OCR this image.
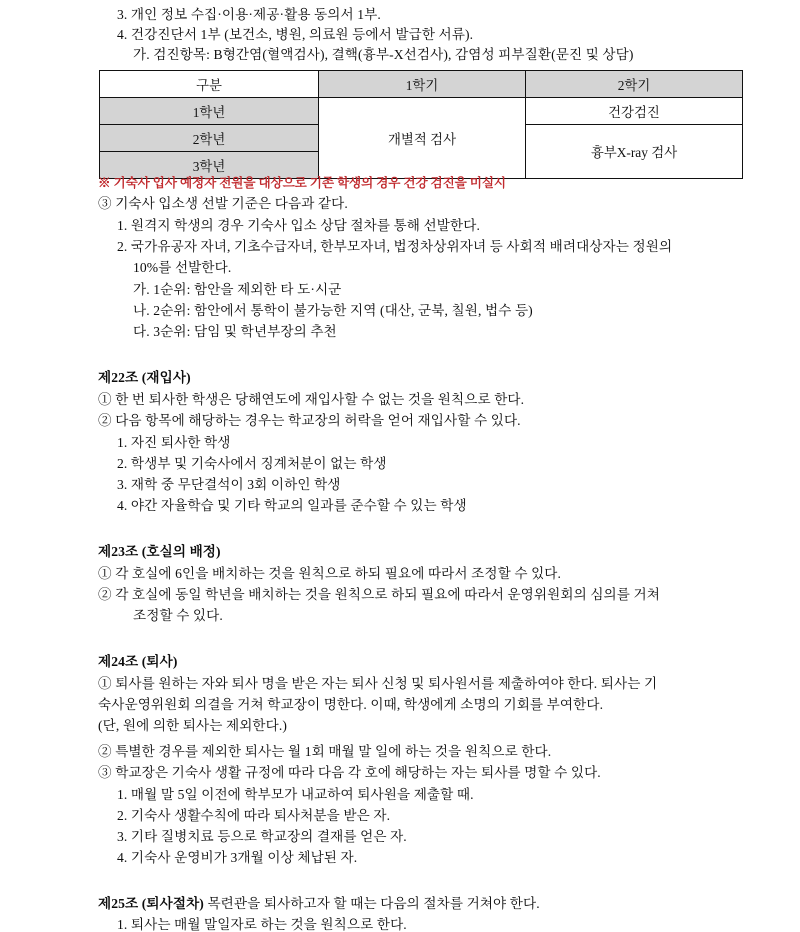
3. 개인 정보 수집·이용·제공·활용 동의서 1부.
4. 건강진단서 1부 (보건소, 병원, 의료원 등에서 발급한 서류).
가. 검진항목: B형간염(혈액검사), 결핵(흉부-X선검사), 감염성 피부질환(문진 및 상담)
구분	1학기	2학기
1학년	개별적 검사	건강검진
2학년		흉부X-ray 검사
3학년		
※ 기숙사 입사 예정자 전원을 대상으로 기존 학생의 경우 건강 검진을 미실시
③ 기숙사 입소생 선발 기준은 다음과 같다.
1. 원격지 학생의 경우 기숙사 입소 상담 절차를 통해 선발한다.
2. 국가유공자 자녀, 기초수급자녀, 한부모자녀, 법정차상위자녀 등 사회적 배려대상자는 정원의
10%를 선발한다.
가. 1순위: 함안을 제외한 타 도·시군
나. 2순위: 함안에서 통학이 불가능한 지역 (대산, 군북, 칠원, 법수 등)
다. 3순위: 담임 및 학년부장의 추천
제22조 (재입사)
① 한 번 퇴사한 학생은 당해연도에 재입사할 수 없는 것을 원칙으로 한다.
② 다음 항목에 해당하는 경우는 학교장의 허락을 얻어 재입사할 수 있다.
1. 자진 퇴사한 학생
2. 학생부 및 기숙사에서 징계처분이 없는 학생
3. 재학 중 무단결석이 3회 이하인 학생
4. 야간 자율학습 및 기타 학교의 일과를 준수할 수 있는 학생
제23조 (호실의 배정)
① 각 호실에 6인을 배치하는 것을 원칙으로 하되 필요에 따라서 조정할 수 있다.
② 각 호실에 동일 학년을 배치하는 것을 원칙으로 하되 필요에 따라서 운영위원회의 심의를 거쳐
조정할 수 있다.
제24조 (퇴사)
① 퇴사를 원하는 자와 퇴사 명을 받은 자는 퇴사 신청 및 퇴사원서를 제출하여야 한다. 퇴사는 기
숙사운영위원회 의결을 거쳐 학교장이 명한다. 이때, 학생에게 소명의 기회를 부여한다.
(단, 원에 의한 퇴사는 제외한다.)
② 특별한 경우를 제외한 퇴사는 월 1회 매월 말 일에 하는 것을 원칙으로 한다.
③ 학교장은 기숙사 생활 규정에 따라 다음 각 호에 해당하는 자는 퇴사를 명할 수 있다.
1. 매월 말 5일 이전에 학부모가 내교하여 퇴사원을 제출할 때.
2. 기숙사 생활수칙에 따라 퇴사처분을 받은 자.
3. 기타 질병치료 등으로 학교장의 결재를 얻은 자.
4. 기숙사 운영비가 3개월 이상 체납된 자.
제25조 (퇴사절차) 목련관을 퇴사하고자 할 때는 다음의 절차를 거쳐야 한다.
1. 퇴사는 매월 말일자로 하는 것을 원칙으로 한다.
